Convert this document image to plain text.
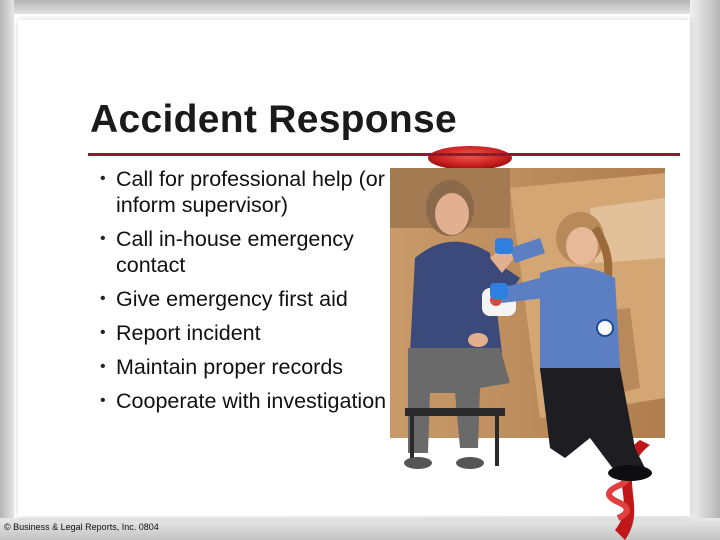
Accident Response
• Call for professional help (or inform supervisor)
• Call in-house emergency contact
• Give emergency first aid
• Report incident
• Maintain proper records
• Cooperate with investigation
© Business & Legal Reports, Inc. 0804
